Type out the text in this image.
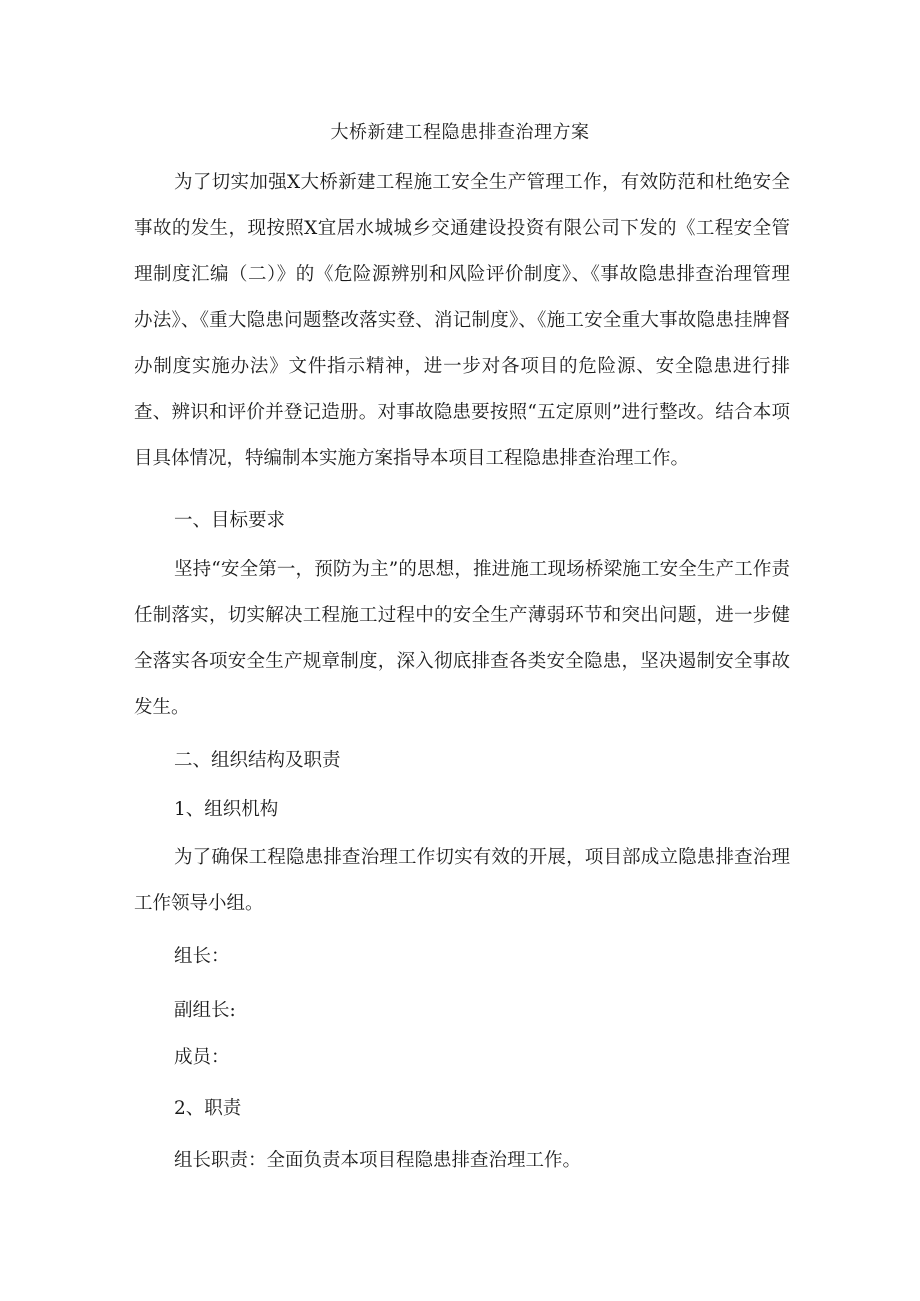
大桥新建工程隐患排查治理方案

为了切实加强Ⅹ大桥新建工程施工安全生产管理工作，有效防范和杜绝安全事故的发生，现按照Ⅹ宜居水城城乡交通建设投资有限公司下发的《工程安全管理制度汇编（二）》的《危险源辨别和风险评价制度》、《事故隐患排查治理管理办法》、《重大隐患问题整改落实登、消记制度》、《施工安全重大事故隐患挂牌督办制度实施办法》文件指示精神，进一步对各项目的危险源、安全隐患进行排查、辨识和评价并登记造册。对事故隐患要按照“五定原则”进行整改。结合本项目具体情况，特编制本实施方案指导本项目工程隐患排查治理工作。

一、目标要求

坚持“安全第一，预防为主”的思想，推进施工现场桥梁施工安全生产工作责任制落实，切实解决工程施工过程中的安全生产薄弱环节和突出问题，进一步健全落实各项安全生产规章制度，深入彻底排查各类安全隐患，坚决遏制安全事故发生。

二、组织结构及职责

1、组织机构

为了确保工程隐患排查治理工作切实有效的开展，项目部成立隐患排查治理工作领导小组。

组长：

副组长:

成员：

2、职责

组长职责：全面负责本项目程隐患排查治理工作。
